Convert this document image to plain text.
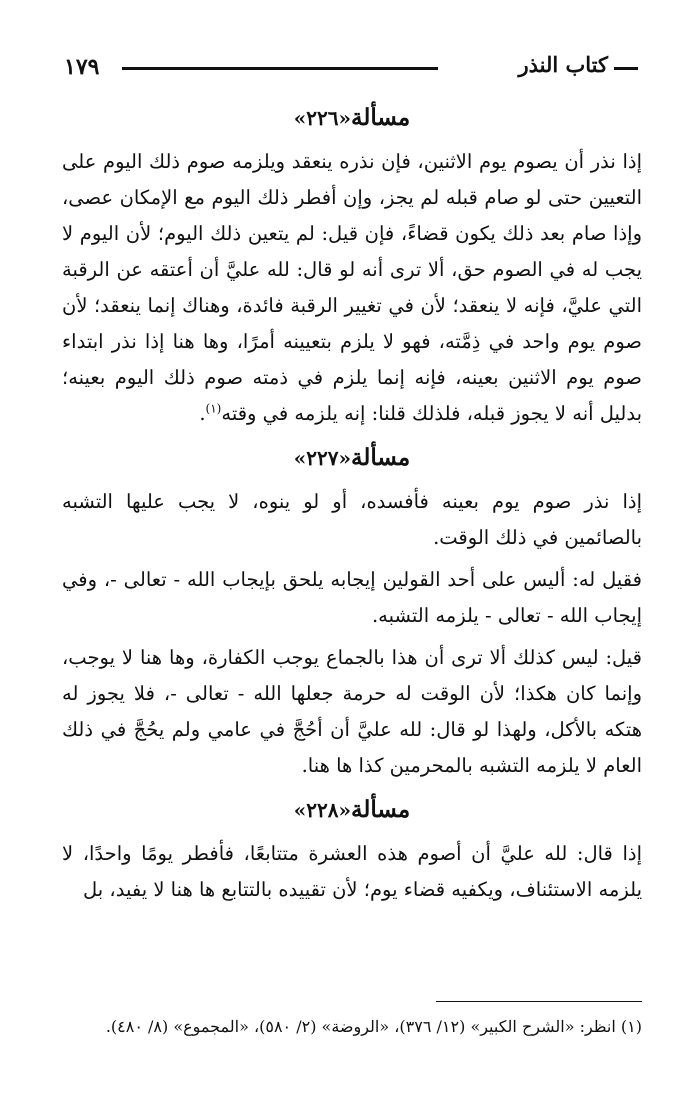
١٧٩	كتاب النذر
مسألة«٢٢٦»

إذا نذر أن يصوم يوم الاثنين، فإن نذره ينعقد ويلزمه صوم ذلك اليوم على التعيين حتى لو صام قبله لم يجز، وإن أفطر ذلك اليوم مع الإمكان عصى، وإذا صام بعد ذلك يكون قضاءً، فإن قيل: لم يتعين ذلك اليوم؛ لأن اليوم لا يجب له في الصوم حق، ألا ترى أنه لو قال: لله عليَّ أن أعتقه عن الرقبة التي عليَّ، فإنه لا ينعقد؛ لأن في تغيير الرقبة فائدة، وهناك إنما ينعقد؛ لأن صوم يوم واحد في ذِمَّته، فهو لا يلزم بتعيينه أمرًا، وها هنا إذا نذر ابتداء صوم يوم الاثنين بعينه، فإنه إنما يلزم في ذمته صوم ذلك اليوم بعينه؛ بدليل أنه لا يجوز قبله، فلذلك قلنا: إنه يلزمه في وقته$^{(١)}$.

مسألة«٢٢٧»

إذا نذر صوم يوم بعينه فأفسده، أو لو ينوه، لا يجب عليها التشبه بالصائمين في ذلك الوقت.

فقيل له: أليس على أحد القولين إيجابه يلحق بإيجاب الله - تعالى -، وفي إيجاب الله - تعالى - يلزمه التشبه.

قيل: ليس كذلك ألا ترى أن هذا بالجماع يوجب الكفارة، وها هنا لا يوجب، وإنما كان هكذا؛ لأن الوقت له حرمة جعلها الله - تعالى -، فلا يجوز له هتكه بالأكل، ولهذا لو قال: لله عليَّ أن أحُجَّ في عامي ولم يحُجَّ في ذلك العام لا يلزمه التشبه بالمحرمين كذا ها هنا.

مسألة«٢٢٨»

إذا قال: لله عليَّ أن أصوم هذه العشرة متتابعًا، فأفطر يومًا واحدًا، لا يلزمه الاستئناف، ويكفيه قضاء يوم؛ لأن تقييده بالتتابع ها هنا لا يفيد، بل

(١) انظر: «الشرح الكبير» (١٢/ ٣٧٦)، «الروضة» (٢/ ٥٨٠)، «المجموع» (٨/ ٤٨٠).
